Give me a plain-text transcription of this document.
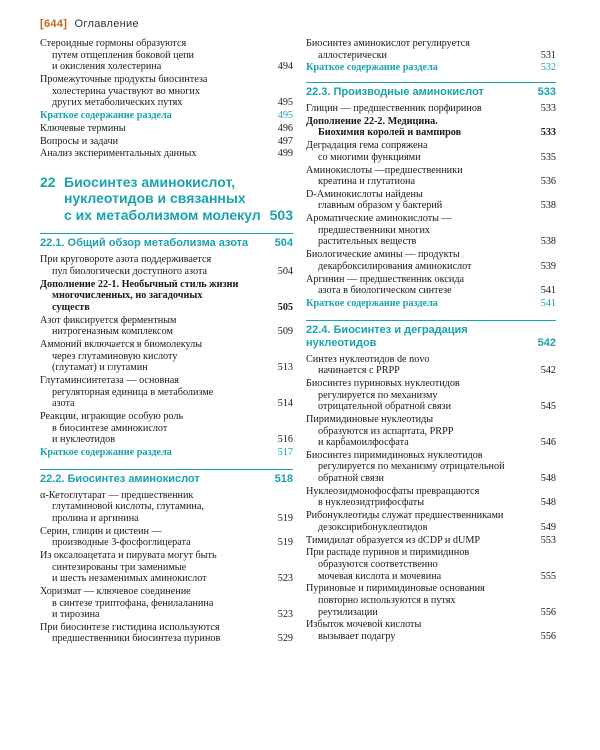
[644] Оглавление
Стероидные гормоны образуются
путем отщепления боковой цепи
и окисления холестерина	494
Промежуточные продукты биосинтеза
холестерина участвуют во многих
других метаболических путях	495
Краткое содержание раздела	495
Ключевые термины	496
Вопросы и задачи	497
Анализ экспериментальных данных	499
22 Биосинтез аминокислот,
нуклеотидов и связанных
с их метаболизмом молекул 503
22.1. Общий обзор метаболизма азота	504
При круговороте азота поддерживается
пул биологически доступного азота	504
Дополнение 22-1. Необычный стиль жизни
многочисленных, но загадочных
существ	505
Азот фиксируется ферментным
нитрогеназным комплексом	509
Аммоний включается в биомолекулы
через глутаминовую кислоту
(глутамат) и глутамин	513
Глутаминсинтетаза — основная
регуляторная единица в метаболизме
азота	514
Реакции, играющие особую роль
в биосинтезе аминокислот
и нуклеотидов	516
Краткое содержание раздела	517
22.2. Биосинтез аминокислот	518
α-Кетоглутарат — предшественник
глутаминовой кислоты, глутамина,
пролина и аргинина	519
Серин, глицин и цистеин —
производные 3-фосфоглицерата	519
Из оксалоацетата и пирувата могут быть
синтезированы три заменимые
и шесть незаменимых аминокислот	523
Хоризмат — ключевое соединение
в синтезе триптофана, фенилаланина
и тирозина	523
При биосинтезе гистидина используются
предшественники биосинтеза пуринов	529
Биосинтез аминокислот регулируется
аллостерически	531
Краткое содержание раздела	532
22.3. Производные аминокислот	533
Глицин — предшественник порфиринов	533
Дополнение 22-2. Медицина.
Биохимия королей и вампиров	533
Деградация гема сопряжена
со многими функциями	535
Аминокислоты —предшественники
креатина и глутатиона	536
D-Аминокислоты найдены
главным образом у бактерий	538
Ароматические аминокислоты —
предшественники многих
растительных веществ	538
Биологические амины — продукты
декарбоксилирования аминокислот	539
Аргинин — предшественник оксида
азота в биологическом синтезе	541
Краткое содержание раздела	541
22.4. Биосинтез и деградация нуклеотидов	542
Синтез нуклеотидов de novo
начинается с PRPP	542
Биосинтез пуриновых нуклеотидов
регулируется по механизму
отрицательной обратной связи	545
Пиримидиновые нуклеотиды
образуются из аспартата, PRPP
и карбамоилфосфата	546
Биосинтез пиримидиновых нуклеотидов
регулируется по механизму отрицательной
обратной связи	548
Нуклеозидмонофосфаты превращаются
в нуклеозидтрифосфаты	548
Рибонуклеотиды служат предшественниками
дезоксирибонуклеотидов	549
Тимидилат образуется из dCDP и dUMP	553
При распаде пуринов и пиримидинов
образуются соответственно
мочевая кислота и мочевина	555
Пуриновые и пиримидиновые основания
повторно используются в путях
реутилизации	556
Избыток мочевой кислоты
вызывает подагру	556
